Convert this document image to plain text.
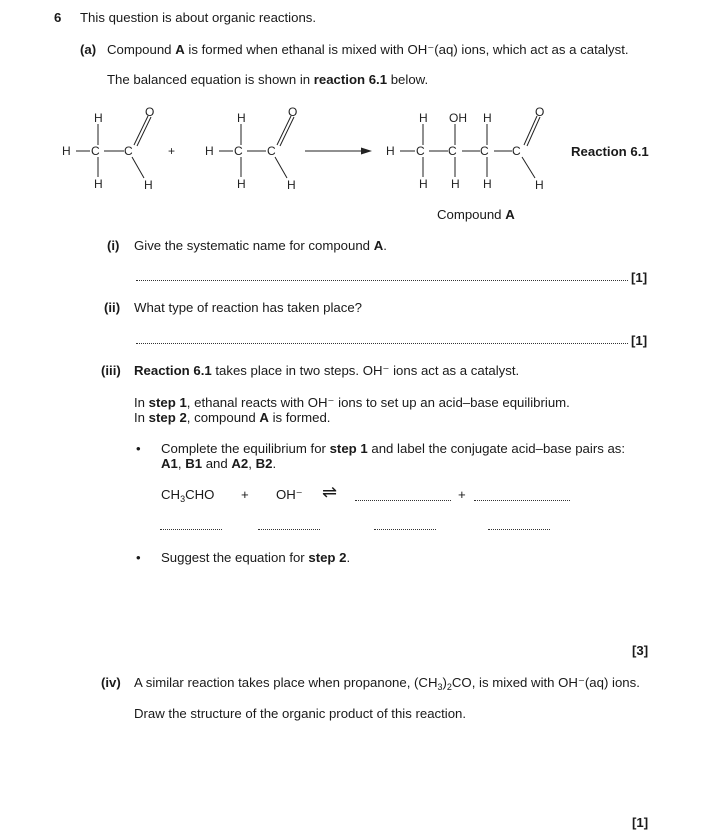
6 This question is about organic reactions.
(a) Compound A is formed when ethanal is mixed with OH⁻(aq) ions, which act as a catalyst.
The balanced equation is shown in reaction 6.1 below.
H C C
H
H
O
H
+ H C C
H
H
O
H
H C C C C
H OH H	O
H H H	H
Reaction 6.1
Compound A
(i) Give the systematic name for compound A.
[1]
(ii) What type of reaction has taken place?
[1]
(iii) Reaction 6.1 takes place in two steps. OH⁻ ions act as a catalyst.
In step 1, ethanal reacts with OH⁻ ions to set up an acid–base equilibrium.
In step 2, compound A is formed.
• Complete the equilibrium for step 1 and label the conjugate acid–base pairs as:
A1, B1 and A2, B2.
$CH_3CHO + OH^-$ ⇌	+
• Suggest the equation for step 2.
[3]
(iv) A similar reaction takes place when propanone, $(CH_3)_2CO$, is mixed with OH⁻(aq) ions.
Draw the structure of the organic product of this reaction.
[1]
